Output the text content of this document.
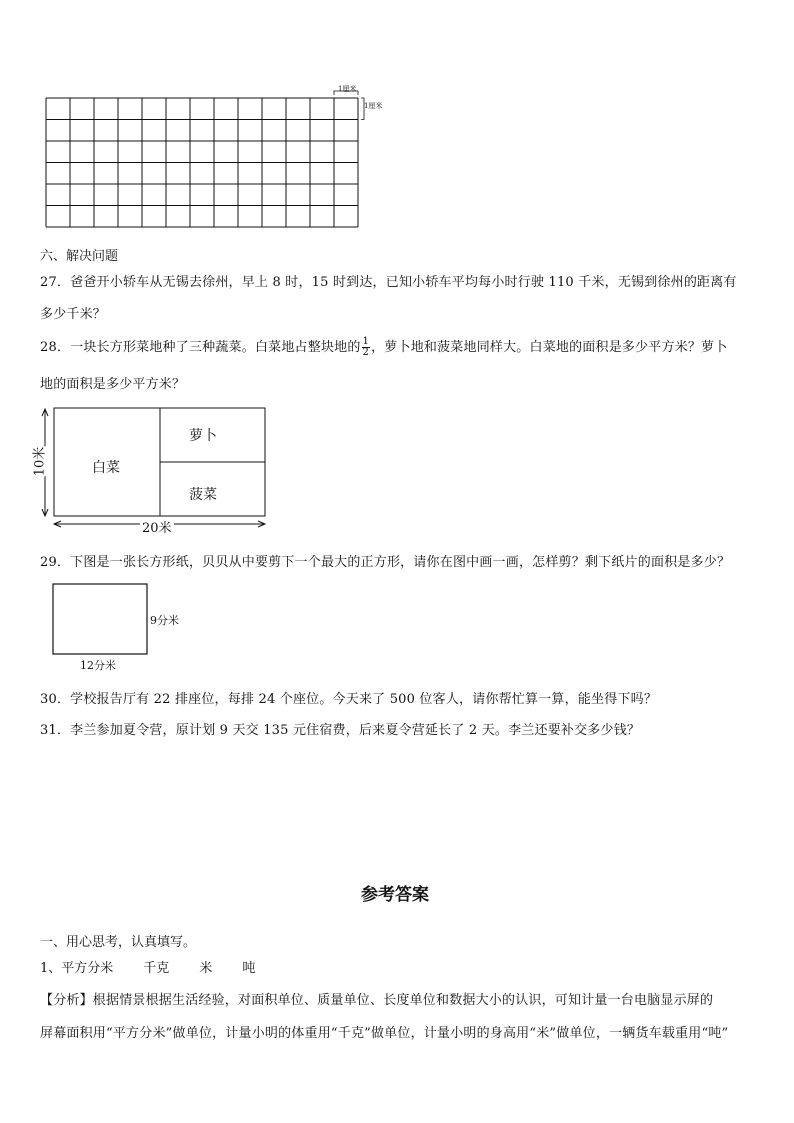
1厘米
1厘米
六、解决问题
27．爸爸开小轿车从无锡去徐州，早上 8 时，15 时到达，已知小轿车平均每小时行驶 110 千米，无锡到徐州的距离有
多少千米？
28．一块长方形菜地种了三种蔬菜。白菜地占整块地的 $\frac{1}{2}$ ，萝卜地和菠菜地同样大。白菜地的面积是多少平方米？萝卜
地的面积是多少平方米？
白菜
萝卜
菠菜
10米
20米
29．下图是一张长方形纸，贝贝从中要剪下一个最大的正方形，请你在图中画一画，怎样剪？剩下纸片的面积是多少？
9分米
12分米
30．学校报告厅有 22 排座位，每排 24 个座位。今天来了 500 位客人，请你帮忙算一算，能坐得下吗？
31．李兰参加夏令营，原计划 9 天交 135 元住宿费，后来夏令营延长了 2 天。李兰还要补交多少钱？
参考答案
一、用心思考，认真填写。
1、平方分米 千克 米 吨
【分析】根据情景根据生活经验，对面积单位、质量单位、长度单位和数据大小的认识，可知计量一台电脑显示屏的
屏幕面积用“平方分米”做单位，计量小明的体重用“千克”做单位，计量小明的身高用“米”做单位，一辆货车载重用“吨”
